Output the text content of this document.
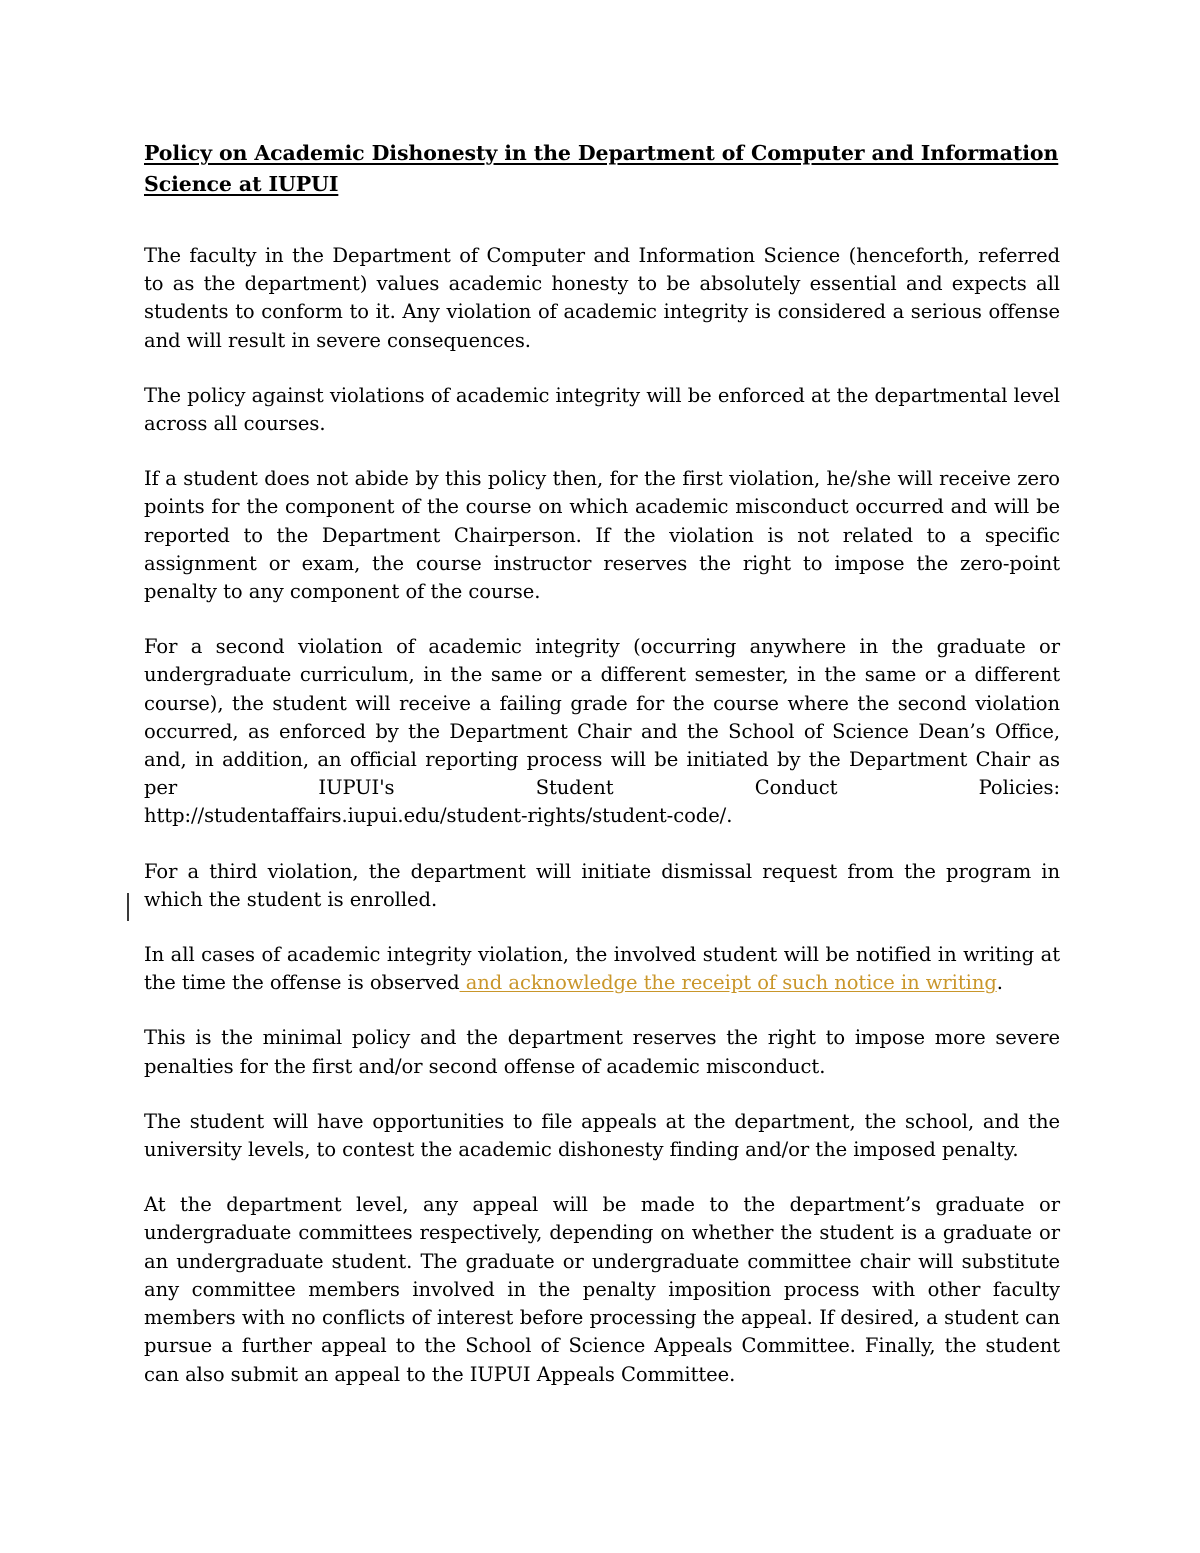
Policy on Academic Dishonesty in the Department of Computer and Information Science at IUPUI

The faculty in the Department of Computer and Information Science (henceforth, referred to as the department) values academic honesty to be absolutely essential and expects all students to conform to it. Any violation of academic integrity is considered a serious offense and will result in severe consequences.

The policy against violations of academic integrity will be enforced at the departmental level across all courses.

If a student does not abide by this policy then, for the first violation, he/she will receive zero points for the component of the course on which academic misconduct occurred and will be reported to the Department Chairperson. If the violation is not related to a specific assignment or exam, the course instructor reserves the right to impose the zero-point penalty to any component of the course.

For a second violation of academic integrity (occurring anywhere in the graduate or undergraduate curriculum, in the same or a different semester, in the same or a different course), the student will receive a failing grade for the course where the second violation occurred, as enforced by the Department Chair and the School of Science Dean’s Office, and, in addition, an official reporting process will be initiated by the Department Chair as per IUPUI's Student Conduct Policies: http://studentaffairs.iupui.edu/student-rights/student-code/.

For a third violation, the department will initiate dismissal request from the program in which the student is enrolled.

In all cases of academic integrity violation, the involved student will be notified in writing at the time the offense is observed and acknowledge the receipt of such notice in writing.

This is the minimal policy and the department reserves the right to impose more severe penalties for the first and/or second offense of academic misconduct.

The student will have opportunities to file appeals at the department, the school, and the university levels, to contest the academic dishonesty finding and/or the imposed penalty.

At the department level, any appeal will be made to the department’s graduate or undergraduate committees respectively, depending on whether the student is a graduate or an undergraduate student. The graduate or undergraduate committee chair will substitute any committee members involved in the penalty imposition process with other faculty members with no conflicts of interest before processing the appeal. If desired, a student can pursue a further appeal to the School of Science Appeals Committee. Finally, the student can also submit an appeal to the IUPUI Appeals Committee.
